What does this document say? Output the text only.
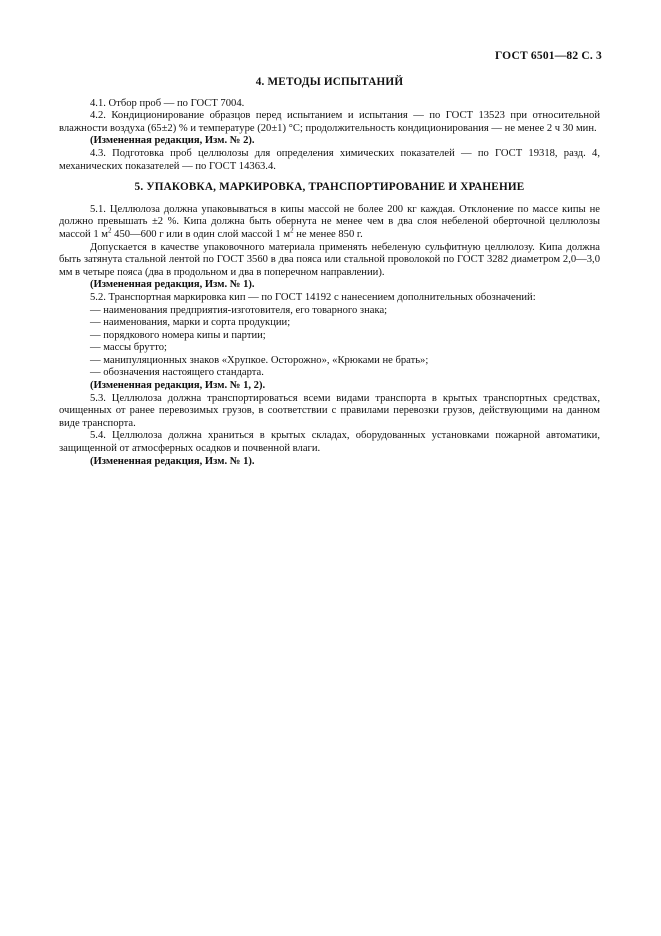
ГОСТ 6501—82 С. 3
4. МЕТОДЫ ИСПЫТАНИЙ

4.1. Отбор проб — по ГОСТ 7004.

4.2. Кондиционирование образцов перед испытанием и испытания — по ГОСТ 13523 при относительной влажности воздуха (65±2) % и температуре (20±1) °С; продолжительность кондиционирования — не менее 2 ч 30 мин.

(Измененная редакция, Изм. № 2).

4.3. Подготовка проб целлюлозы для определения химических показателей — по ГОСТ 19318, разд. 4, механических показателей — по ГОСТ 14363.4.

5. УПАКОВКА, МАРКИРОВКА, ТРАНСПОРТИРОВАНИЕ И ХРАНЕНИЕ

5.1. Целлюлоза должна упаковываться в кипы массой не более 200 кг каждая. Отклонение по массе кипы не должно превышать ±2 %. Кипа должна быть обернута не менее чем в два слоя небеленой оберточной целлюлозы массой 1 $м^2$ 450—600 г или в один слой массой 1 $м^2$ не менее 850 г.

Допускается в качестве упаковочного материала применять небеленую сульфитную целлюлозу. Кипа должна быть затянута стальной лентой по ГОСТ 3560 в два пояса или стальной проволокой по ГОСТ 3282 диаметром 2,0—3,0 мм в четыре пояса (два в продольном и два в поперечном направлении).

(Измененная редакция, Изм. № 1).

5.2. Транспортная маркировка кип — по ГОСТ 14192 с нанесением дополнительных обозначений:

— наименования предприятия-изготовителя, его товарного знака;
— наименования, марки и сорта продукции;
— порядкового номера кипы и партии;
— массы брутто;
— манипуляционных знаков «Хрупкое. Осторожно», «Крюками не брать»;
— обозначения настоящего стандарта.

(Измененная редакция, Изм. № 1, 2).

5.3. Целлюлоза должна транспортироваться всеми видами транспорта в крытых транспортных средствах, очищенных от ранее перевозимых грузов, в соответствии с правилами перевозки грузов, действующими на данном виде транспорта.

5.4. Целлюлоза должна храниться в крытых складах, оборудованных установками пожарной автоматики, защищенной от атмосферных осадков и почвенной влаги.

(Измененная редакция, Изм. № 1).
